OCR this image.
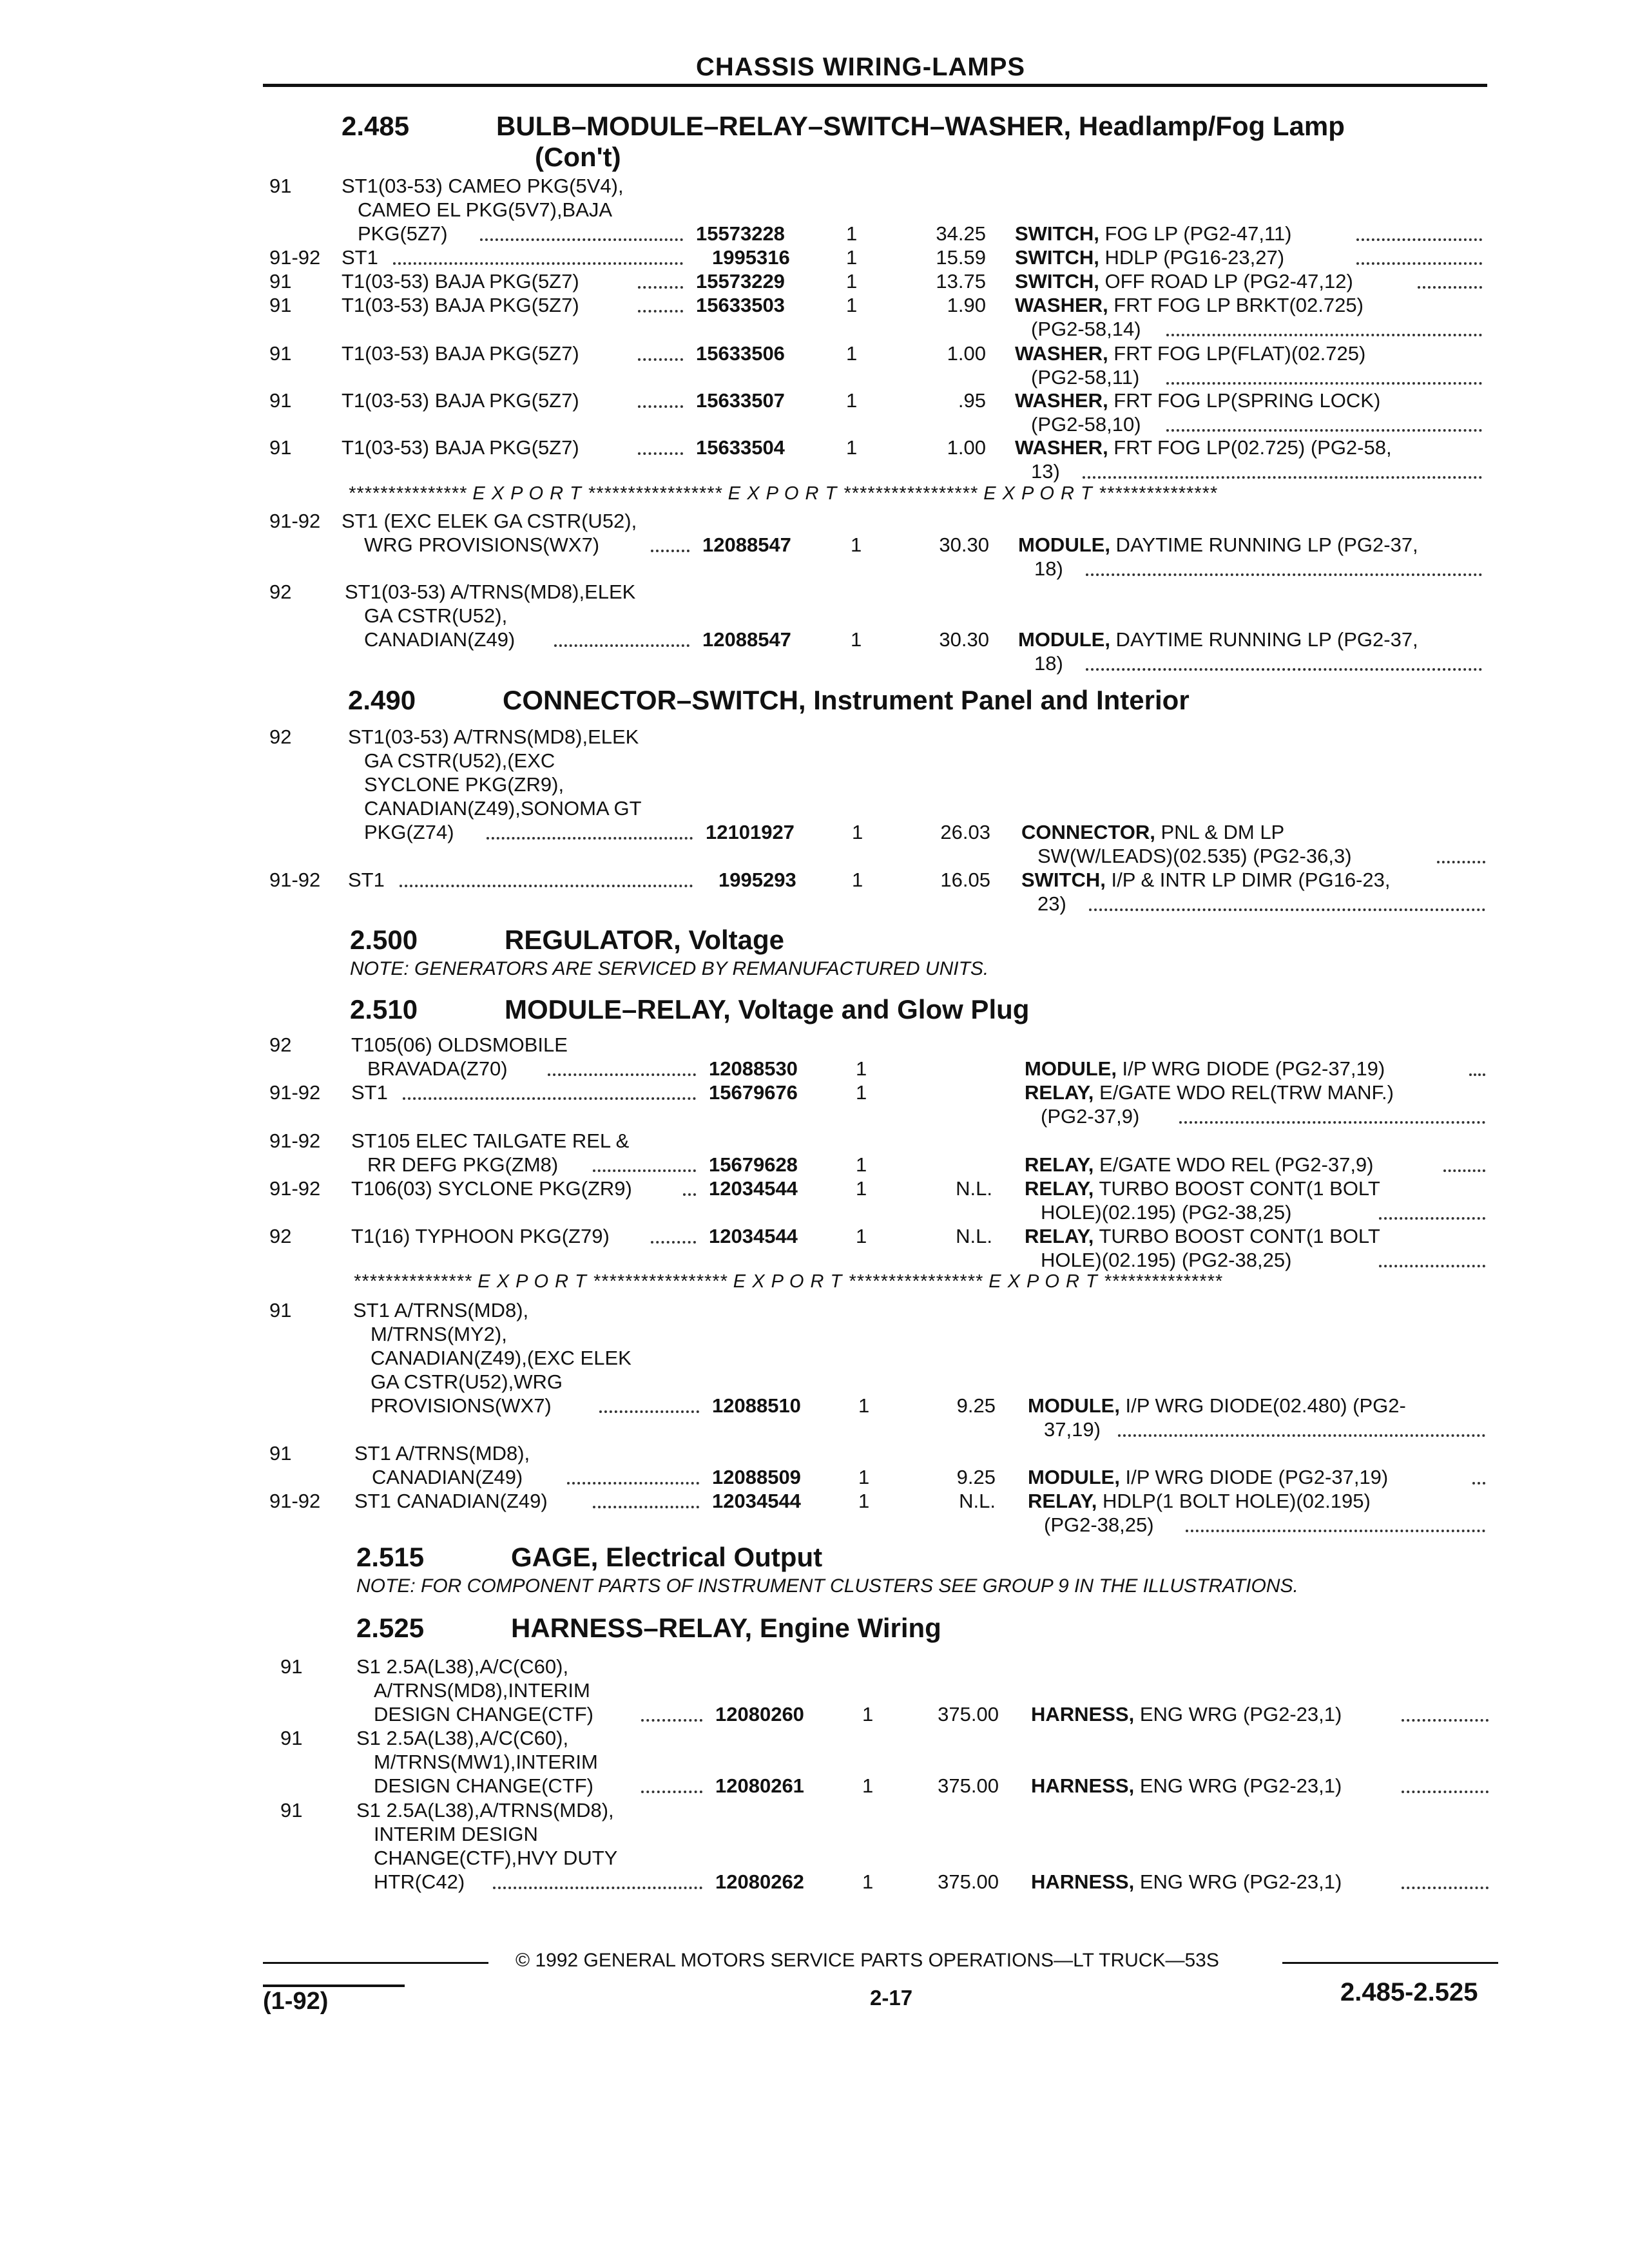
CHASSIS WIRING-LAMPS
2.485	BULB–MODULE–RELAY–SWITCH–WASHER, Headlamp/Fog Lamp
(Con't)
91	ST1(03-53) CAMEO PKG(5V4),
CAMEO EL PKG(5V7),BAJA
PKG(5Z7)	15573228	1	34.25 SWITCH, FOG LP (PG2-47,11)
91-92 ST1	1995316	1	15.59 SWITCH, HDLP (PG16-23,27)
91	T1(03-53) BAJA PKG(5Z7)	15573229	1	13.75 SWITCH, OFF ROAD LP (PG2-47,12)
91	T1(03-53) BAJA PKG(5Z7)	15633503	1	1.90 WASHER, FRT FOG LP BRKT(02.725)
(PG2-58,14)
91	T1(03-53) BAJA PKG(5Z7)	15633506	1	1.00 WASHER, FRT FOG LP(FLAT)(02.725)
(PG2-58,11)
91	T1(03-53) BAJA PKG(5Z7)	15633507	1	.95 WASHER, FRT FOG LP(SPRING LOCK)
(PG2-58,10)
91	T1(03-53) BAJA PKG(5Z7)	15633504	1	1.00 WASHER, FRT FOG LP(02.725) (PG2-58,
13)
*************** E X P O R T ***************** E X P O R T ***************** E X P O R T ***************
91-92 ST1 (EXC ELEK GA CSTR(U52),
WRG PROVISIONS(WX7)	12088547	1	30.30 MODULE, DAYTIME RUNNING LP (PG2-37,
18)
92	ST1(03-53) A/TRNS(MD8),ELEK
GA CSTR(U52),
CANADIAN(Z49)	12088547	1	30.30 MODULE, DAYTIME RUNNING LP (PG2-37,
18)
2.490	CONNECTOR–SWITCH, Instrument Panel and Interior
92	ST1(03-53) A/TRNS(MD8),ELEK
GA CSTR(U52),(EXC
SYCLONE PKG(ZR9),
CANADIAN(Z49),SONOMA GT
PKG(Z74)	12101927	1	26.03 CONNECTOR, PNL & DM LP
SW(W/LEADS)(02.535) (PG2-36,3)
91-92 ST1	1995293	1	16.05 SWITCH, I/P & INTR LP DIMR (PG16-23,
23)
2.500	REGULATOR, Voltage
NOTE: GENERATORS ARE SERVICED BY REMANUFACTURED UNITS.
2.510	MODULE–RELAY, Voltage and Glow Plug
92	T105(06) OLDSMOBILE
BRAVADA(Z70)	12088530	1	MODULE, I/P WRG DIODE (PG2-37,19)
91-92 ST1	15679676	1	RELAY, E/GATE WDO REL(TRW MANF.)
(PG2-37,9)
91-92 ST105 ELEC TAILGATE REL &
RR DEFG PKG(ZM8)	15679628	1	RELAY, E/GATE WDO REL (PG2-37,9)
91-92 T106(03) SYCLONE PKG(ZR9)	12034544	1	N.L. RELAY, TURBO BOOST CONT(1 BOLT
HOLE)(02.195) (PG2-38,25)
92	T1(16) TYPHOON PKG(Z79)	12034544	1	N.L. RELAY, TURBO BOOST CONT(1 BOLT
HOLE)(02.195) (PG2-38,25)
*************** E X P O R T ***************** E X P O R T ***************** E X P O R T ***************
91	ST1 A/TRNS(MD8),
M/TRNS(MY2),
CANADIAN(Z49),(EXC ELEK
GA CSTR(U52),WRG
PROVISIONS(WX7)	12088510	1	9.25 MODULE, I/P WRG DIODE(02.480) (PG2-
37,19)
91	ST1 A/TRNS(MD8),
CANADIAN(Z49)	12088509	1	9.25 MODULE, I/P WRG DIODE (PG2-37,19)
91-92 ST1 CANADIAN(Z49)	12034544	1	N.L. RELAY, HDLP(1 BOLT HOLE)(02.195)
(PG2-38,25)
2.515	GAGE, Electrical Output
NOTE: FOR COMPONENT PARTS OF INSTRUMENT CLUSTERS SEE GROUP 9 IN THE ILLUSTRATIONS.
2.525	HARNESS–RELAY, Engine Wiring
91	S1 2.5A(L38),A/C(C60),
A/TRNS(MD8),INTERIM
DESIGN CHANGE(CTF)	12080260	1	375.00 HARNESS, ENG WRG (PG2-23,1)
91	S1 2.5A(L38),A/C(C60),
M/TRNS(MW1),INTERIM
DESIGN CHANGE(CTF)	12080261	1	375.00 HARNESS, ENG WRG (PG2-23,1)
91	S1 2.5A(L38),A/TRNS(MD8),
INTERIM DESIGN
CHANGE(CTF),HVY DUTY
HTR(C42)	12080262	1	375.00 HARNESS, ENG WRG (PG2-23,1)
© 1992 GENERAL MOTORS SERVICE PARTS OPERATIONS—LT TRUCK—53S
(1-92)	2-17	2.485-2.525
